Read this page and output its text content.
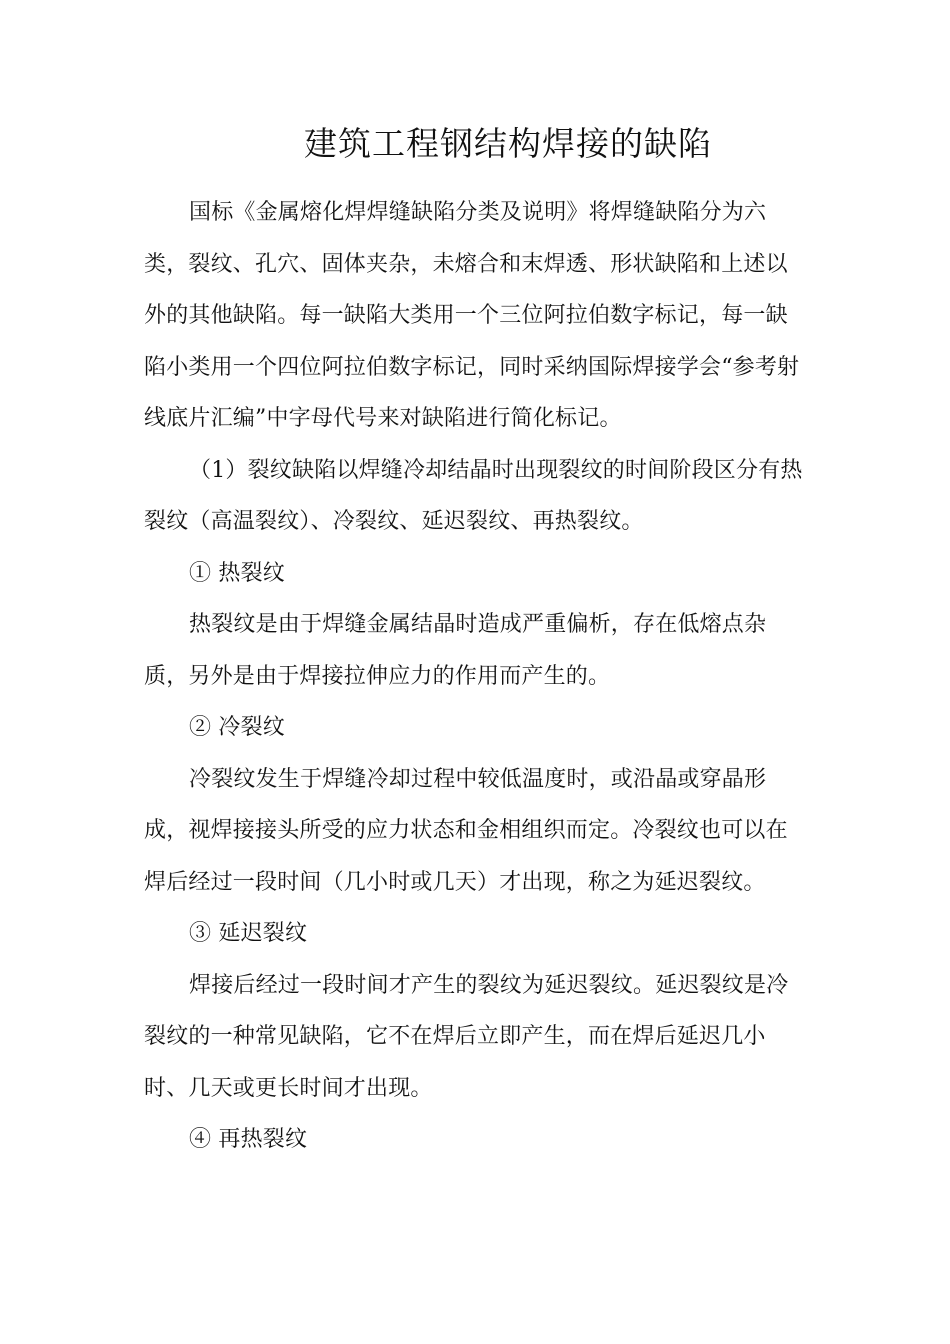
建筑工程钢结构焊接的缺陷
国标《金属熔化焊焊缝缺陷分类及说明》将焊缝缺陷分为六
类，裂纹、孔穴、固体夹杂，未熔合和末焊透、形状缺陷和上述以
外的其他缺陷。每一缺陷大类用一个三位阿拉伯数字标记，每一缺
陷小类用一个四位阿拉伯数字标记，同时采纳国际焊接学会“参考射
线底片汇编”中字母代号来对缺陷进行简化标记。
（1）裂纹缺陷以焊缝冷却结晶时出现裂纹的时间阶段区分有热
裂纹（高温裂纹）、冷裂纹、延迟裂纹、再热裂纹。
① 热裂纹
热裂纹是由于焊缝金属结晶时造成严重偏析，存在低熔点杂
质，另外是由于焊接拉伸应力的作用而产生的。
② 冷裂纹
冷裂纹发生于焊缝冷却过程中较低温度时，或沿晶或穿晶形
成，视焊接接头所受的应力状态和金相组织而定。冷裂纹也可以在
焊后经过一段时间（几小时或几天）才出现，称之为延迟裂纹。
③ 延迟裂纹
焊接后经过一段时间才产生的裂纹为延迟裂纹。延迟裂纹是冷
裂纹的一种常见缺陷，它不在焊后立即产生，而在焊后延迟几小
时、几天或更长时间才出现。
④ 再热裂纹
